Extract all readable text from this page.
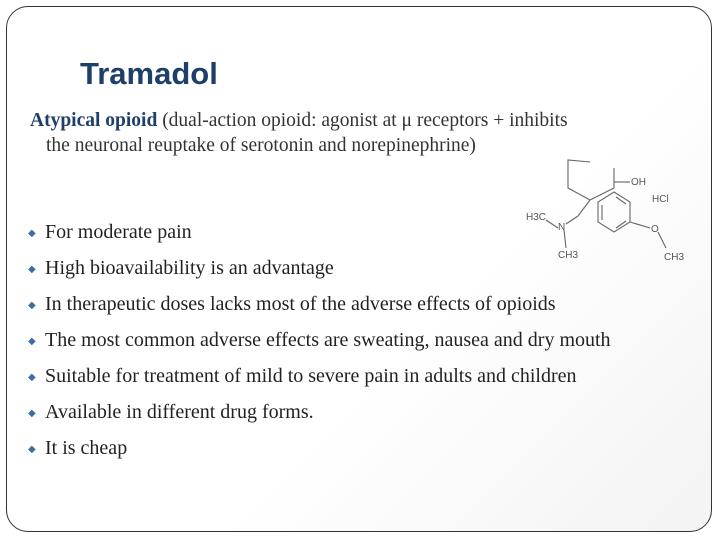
Tramadol

Atypical opioid (dual-action opioid: agonist at μ receptors + inhibits
the neuronal reuptake of serotonin and norepinephrine)

◆ For moderate pain
◆ High bioavailability is an advantage
◆ In therapeutic doses lacks most of the adverse effects of opioids
◆ The most common adverse effects are sweating, nausea and dry mouth
◆ Suitable for treatment of mild to severe pain in adults and children
◆ Available in different drug forms.
◆ It is cheap
OH
HCl
H3C
N
CH3
O
CH3
